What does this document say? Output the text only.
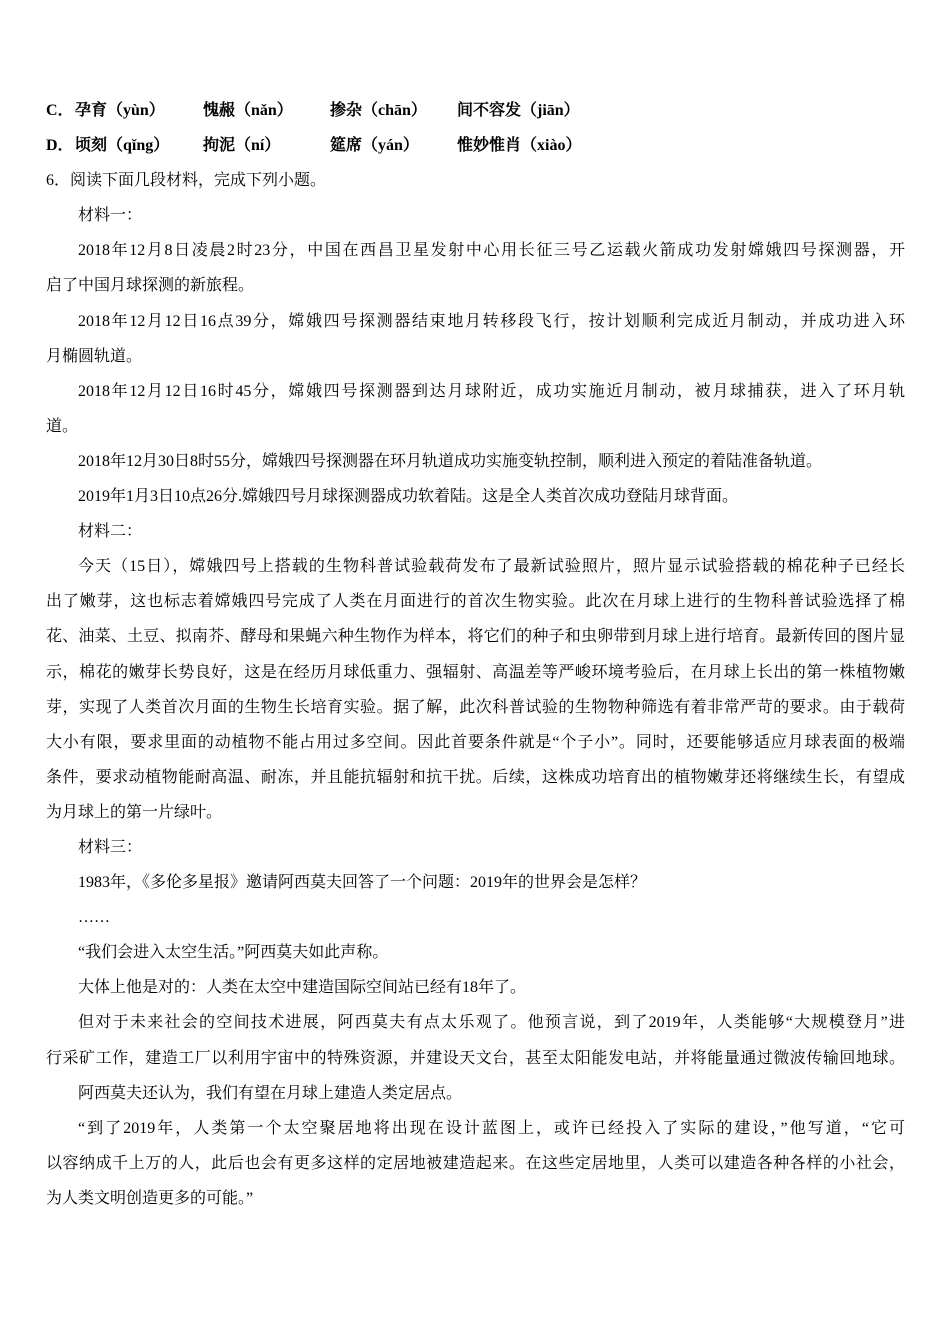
C． 孕育（yùn）	愧赧（nǎn）	掺杂（chān）	间不容发（jiān）
D． 顷刻（qǐng）	拘泥（ní）	筵席（yán）	惟妙惟肖（xiào）
6．阅读下面几段材料，完成下列小题。
材料一：
2018年12月8日凌晨2时23分，中国在西昌卫星发射中心用长征三号乙运载火箭成功发射嫦娥四号探测器，开
启了中国月球探测的新旅程。
2018年12月12日16点39分，嫦娥四号探测器结束地月转移段飞行，按计划顺利完成近月制动，并成功进入环
月椭圆轨道。
2018年12月12日16时45分，嫦娥四号探测器到达月球附近，成功实施近月制动，被月球捕获，进入了环月轨
道。
2018年12月30日8时55分，嫦娥四号探测器在环月轨道成功实施变轨控制，顺利进入预定的着陆准备轨道。
2019年1月3日10点26分.嫦娥四号月球探测器成功软着陆。这是全人类首次成功登陆月球背面。
材料二：
今天（15日），嫦娥四号上搭载的生物科普试验载荷发布了最新试验照片，照片显示试验搭载的棉花种子已经长
出了嫩芽，这也标志着嫦娥四号完成了人类在月面进行的首次生物实验。此次在月球上进行的生物科普试验选择了棉
花、油菜、土豆、拟南芥、酵母和果蝇六种生物作为样本，将它们的种子和虫卵带到月球上进行培育。最新传回的图片显
示，棉花的嫩芽长势良好，这是在经历月球低重力、强辐射、高温差等严峻环境考验后，在月球上长出的第一株植物嫩
芽，实现了人类首次月面的生物生长培育实验。据了解，此次科普试验的生物物种筛选有着非常严苛的要求。由于载荷
大小有限，要求里面的动植物不能占用过多空间。因此首要条件就是“个子小”。同时，还要能够适应月球表面的极端
条件，要求动植物能耐高温、耐冻，并且能抗辐射和抗干扰。后续，这株成功培育出的植物嫩芽还将继续生长，有望成
为月球上的第一片绿叶。
材料三：
1983年，《多伦多星报》邀请阿西莫夫回答了一个问题：2019年的世界会是怎样？
……
“我们会进入太空生活。”阿西莫夫如此声称。
大体上他是对的：人类在太空中建造国际空间站已经有18年了。
但对于未来社会的空间技术进展，阿西莫夫有点太乐观了。他预言说，到了2019年，人类能够“大规模登月”进
行采矿工作，建造工厂以利用宇宙中的特殊资源，并建设天文台，甚至太阳能发电站，并将能量通过微波传输回地球。
阿西莫夫还认为，我们有望在月球上建造人类定居点。
“到了2019年，人类第一个太空聚居地将出现在设计蓝图上，或许已经投入了实际的建设，”他写道，“它可
以容纳成千上万的人，此后也会有更多这样的定居地被建造起来。在这些定居地里，人类可以建造各种各样的小社会，
为人类文明创造更多的可能。”
